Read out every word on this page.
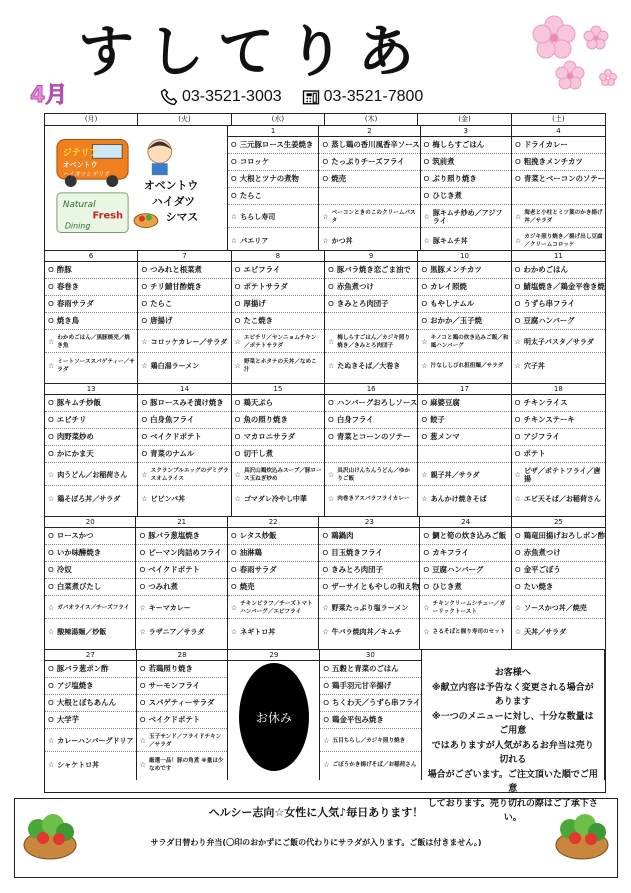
すしてりあ
4月	03-3521-3003	03-3521-7800
(月)	(火)	(水)	(木)	(金)	(土)
ジテリア
オベントウ
ハイダツシデリア
Natural
Fresh
Dining
オベントウ
ハイダツ
シマス
1
O 三元豚ロース生姜焼き
O コロッケ
O 大根とツナの煮物
O たらこ
☆ ちらし寿司
☆ パエリア
2
O 蒸し鶏の香川風香辛ソース
O たっぷりチーズフライ
O 焼売
☆ ベーコンときのこのクリームパスタ
☆ かつ丼
3
O 梅しらすごはん
O 筑前煮
O ぶり照り焼き
O ひじき煮
☆ 豚キムチ炒め／アジフライ
☆ 豚キムチ丼
4
O ドライカレー
O 粗挽きメンチカツ
O 青菜とベーコンのソテー
☆ 海老と小柱とミツ葉のかき揚げ丼／サラダ
☆ カジキ照り焼き／揚げ出し豆腐／クリームコロッケ
6
O 酢豚
O 春巻き
O 春雨サラダ
O 焼き鳥
☆ わかめごはん／黒豚焼売／焼き魚
☆ ミートソーススパゲティー／サラダ
7
O つみれと根菜煮
O チリ鯖甘酢焼き
O たらこ
O 唐揚げ
☆ コロッケカレー／サラダ
☆ 鶏白湯ラーメン
8
O エビフライ
O ポテトサラダ
O 厚揚げ
O たこ焼き
☆ エビチリ／ヤンニョムチキン／ポテトサラダ
☆ 野菜とホタテの天丼／なめこ汁
9
O 豚バラ焼き恋ごま油で
O 赤魚煮つけ
O きみとろ肉団子
☆ 梅しらすごはん／カジキ照り焼き／きみとろ肉団子
☆ たぬきそば／大巻き
10
O 黒豚メンチカツ
O カレイ照焼
O もやしナムル
O おかか／玉子焼
☆ キノコと鶏の炊き込みご飯／和風ハンバーグ
☆ 汁なししびれ担担麺／サラダ
11
O わかめごはん
O 鯖塩焼き／鶏金平巻き焼
O うずら串フライ
O 豆腐ハンバーグ
☆ 明太子パスタ／サラダ
☆ 穴子丼
13
O 豚キムチ炒飯
O エビチリ
O 肉野菜炒め
O かにかま天
☆ 肉うどん／お稲荷さん
☆ 鶏そぼろ丼／サラダ
14
O 豚ロースみそ漬け焼き
O 白身魚フライ
O ベイクドポテト
O 青菜のナムル
☆ スクランブルエッグのデミグラスオムライス
☆ ビビンバ丼
15
O 鶏天ぷら
O 魚の照り焼き
O マカロニサラダ
O 切干し煮
☆ 具沢山鶏炊込みスープ／豚ロース玉ねぎ炒め
☆ ゴマダレ冷やし中華
16
O ハンバーグおろしソース
O 白身フライ
O 青菜とコーンのソテー
☆ 具沢山けんちんうどん／ゆかりご飯
☆ 肉巻きアスパラフライカレー
17
O 麻婆豆腐
O 餃子
O 葱メンマ
☆ 親子丼／サラダ
☆ あんかけ焼きそば
18
O チキンライス
O チキンステーキ
O アジフライ
O ポテト
☆ ピザ／ポテトフライ／唐揚
☆ エビ天そば／お稲荷さん
20
O ロースかつ
O いか味醂焼き
O 冷奴
O 白菜煮びたし
☆ ガパオライス／チーズフライ
☆ 酸辣湯麺／炒飯
21
O 豚バラ葱塩焼き
O ピーマン肉詰めフライ
O ベイクドポテト
O つみれ煮
☆ キーマカレー
☆ ラザニア／サラダ
22
O レタス炒飯
O 油淋鶏
O 春雨サラダ
O 焼売
☆ チキンピラフ／チーズトマトハンバーグ／エビフライ
☆ ネギトロ丼
23
O 鶏鍋肉
O 目玉焼きフライ
O きみとろ肉団子
O ザーサイともやしの和え物
☆ 野菜たっぷり塩ラーメン
☆ 牛バラ焼肉丼／キムチ
24
O 鯛と筍の炊き込みご飯
O カキフライ
O 豆腐ハンバーグ
O ひじき煮
☆ チキンクリームシチュー／ガーリックトースト
☆ さるそばと握り寿司のセット
25
O 鶏竜田揚げおろしポン酢
O 赤魚煮つけ
O 金平ごぼう
O たい焼き
☆ ソースかつ丼／焼売
☆ 天丼／サラダ
27
O 豚バラ葱ポン酢
O アジ塩焼き
O 大根とぼちあんん
O 大学芋
☆ カレーハンバーグドリア
☆ シャケトロ丼
28
O 若鶏照り焼き
O サーモンフライ
O スパゲティーサラダ
O ベイクドポテト
☆ 玉子サンド／フライドチキン／サラダ
☆ 厳選一品！豚の角煮 ※量は少なめです
29
お休み
30
O 五穀と青菜のごはん
O 鶏手羽元甘辛揚げ
O ちくわ天／うずら串フライ
O 鶏金平包み焼き
☆ 五目ちらし／カジキ照り焼き
☆ ごぼうかき揚げそば／お稲荷さん
お客様へ
※献立内容は予告なく変更される場合があります
※一つのメニューに対し、十分な数量はご用意
ではありますが人気があるお弁当は売り切れる
場合がございます。ご注文頂いた順でご用意
しております。売り切れの際はご了承下さい。
ヘルシー志向☆女性に人気♪毎日あります！
サラダ日替わり弁当(〇印のおかずにご飯の代わりにサラダが入ります。ご飯は付きません。)
